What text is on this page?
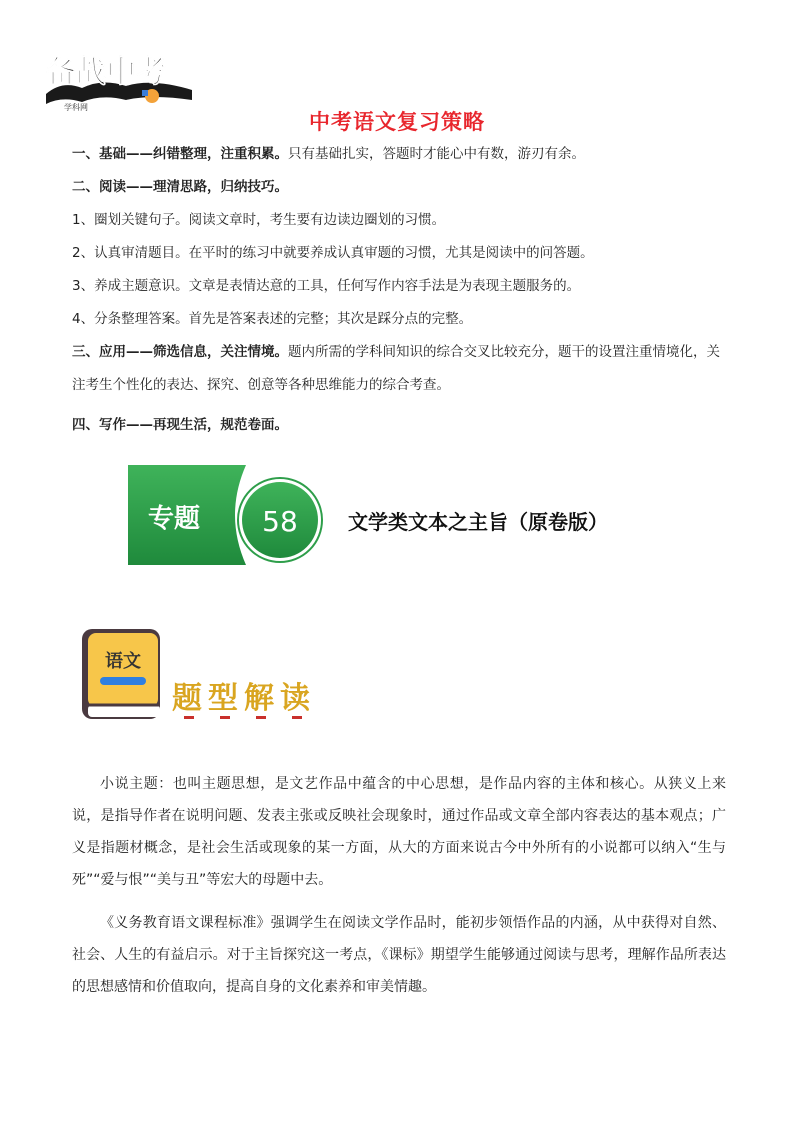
备战中考
学科网
中考语文复习策略
一、基础——纠错整理，注重积累。只有基础扎实，答题时才能心中有数，游刃有余。
二、阅读——理清思路，归纳技巧。
1、圈划关键句子。阅读文章时，考生要有边读边圈划的习惯。
2、认真审清题目。在平时的练习中就要养成认真审题的习惯，尤其是阅读中的问答题。
3、养成主题意识。文章是表情达意的工具，任何写作内容手法是为表现主题服务的。
4、分条整理答案。首先是答案表述的完整；其次是踩分点的完整。
三、应用——筛选信息，关注情境。题内所需的学科间知识的综合交叉比较充分，题干的设置注重情境化，关注考生个性化的表达、探究、创意等各种思维能力的综合考查。
四、写作——再现生活，规范卷面。
专题 58	文学类文本之主旨（原卷版）
语文
题型解读
小说主题：也叫主题思想，是文艺作品中蕴含的中心思想，是作品内容的主体和核心。从狭义上来说，是指导作者在说明问题、发表主张或反映社会现象时，通过作品或文章全部内容表达的基本观点；广义是指题材概念，是社会生活或现象的某一方面，从大的方面来说古今中外所有的小说都可以纳入“生与死”“爱与恨”“美与丑”等宏大的母题中去。
《义务教育语文课程标准》强调学生在阅读文学作品时，能初步领悟作品的内涵，从中获得对自然、社会、人生的有益启示。对于主旨探究这一考点，《课标》期望学生能够通过阅读与思考，理解作品所表达的思想感情和价值取向，提高自身的文化素养和审美情趣。
